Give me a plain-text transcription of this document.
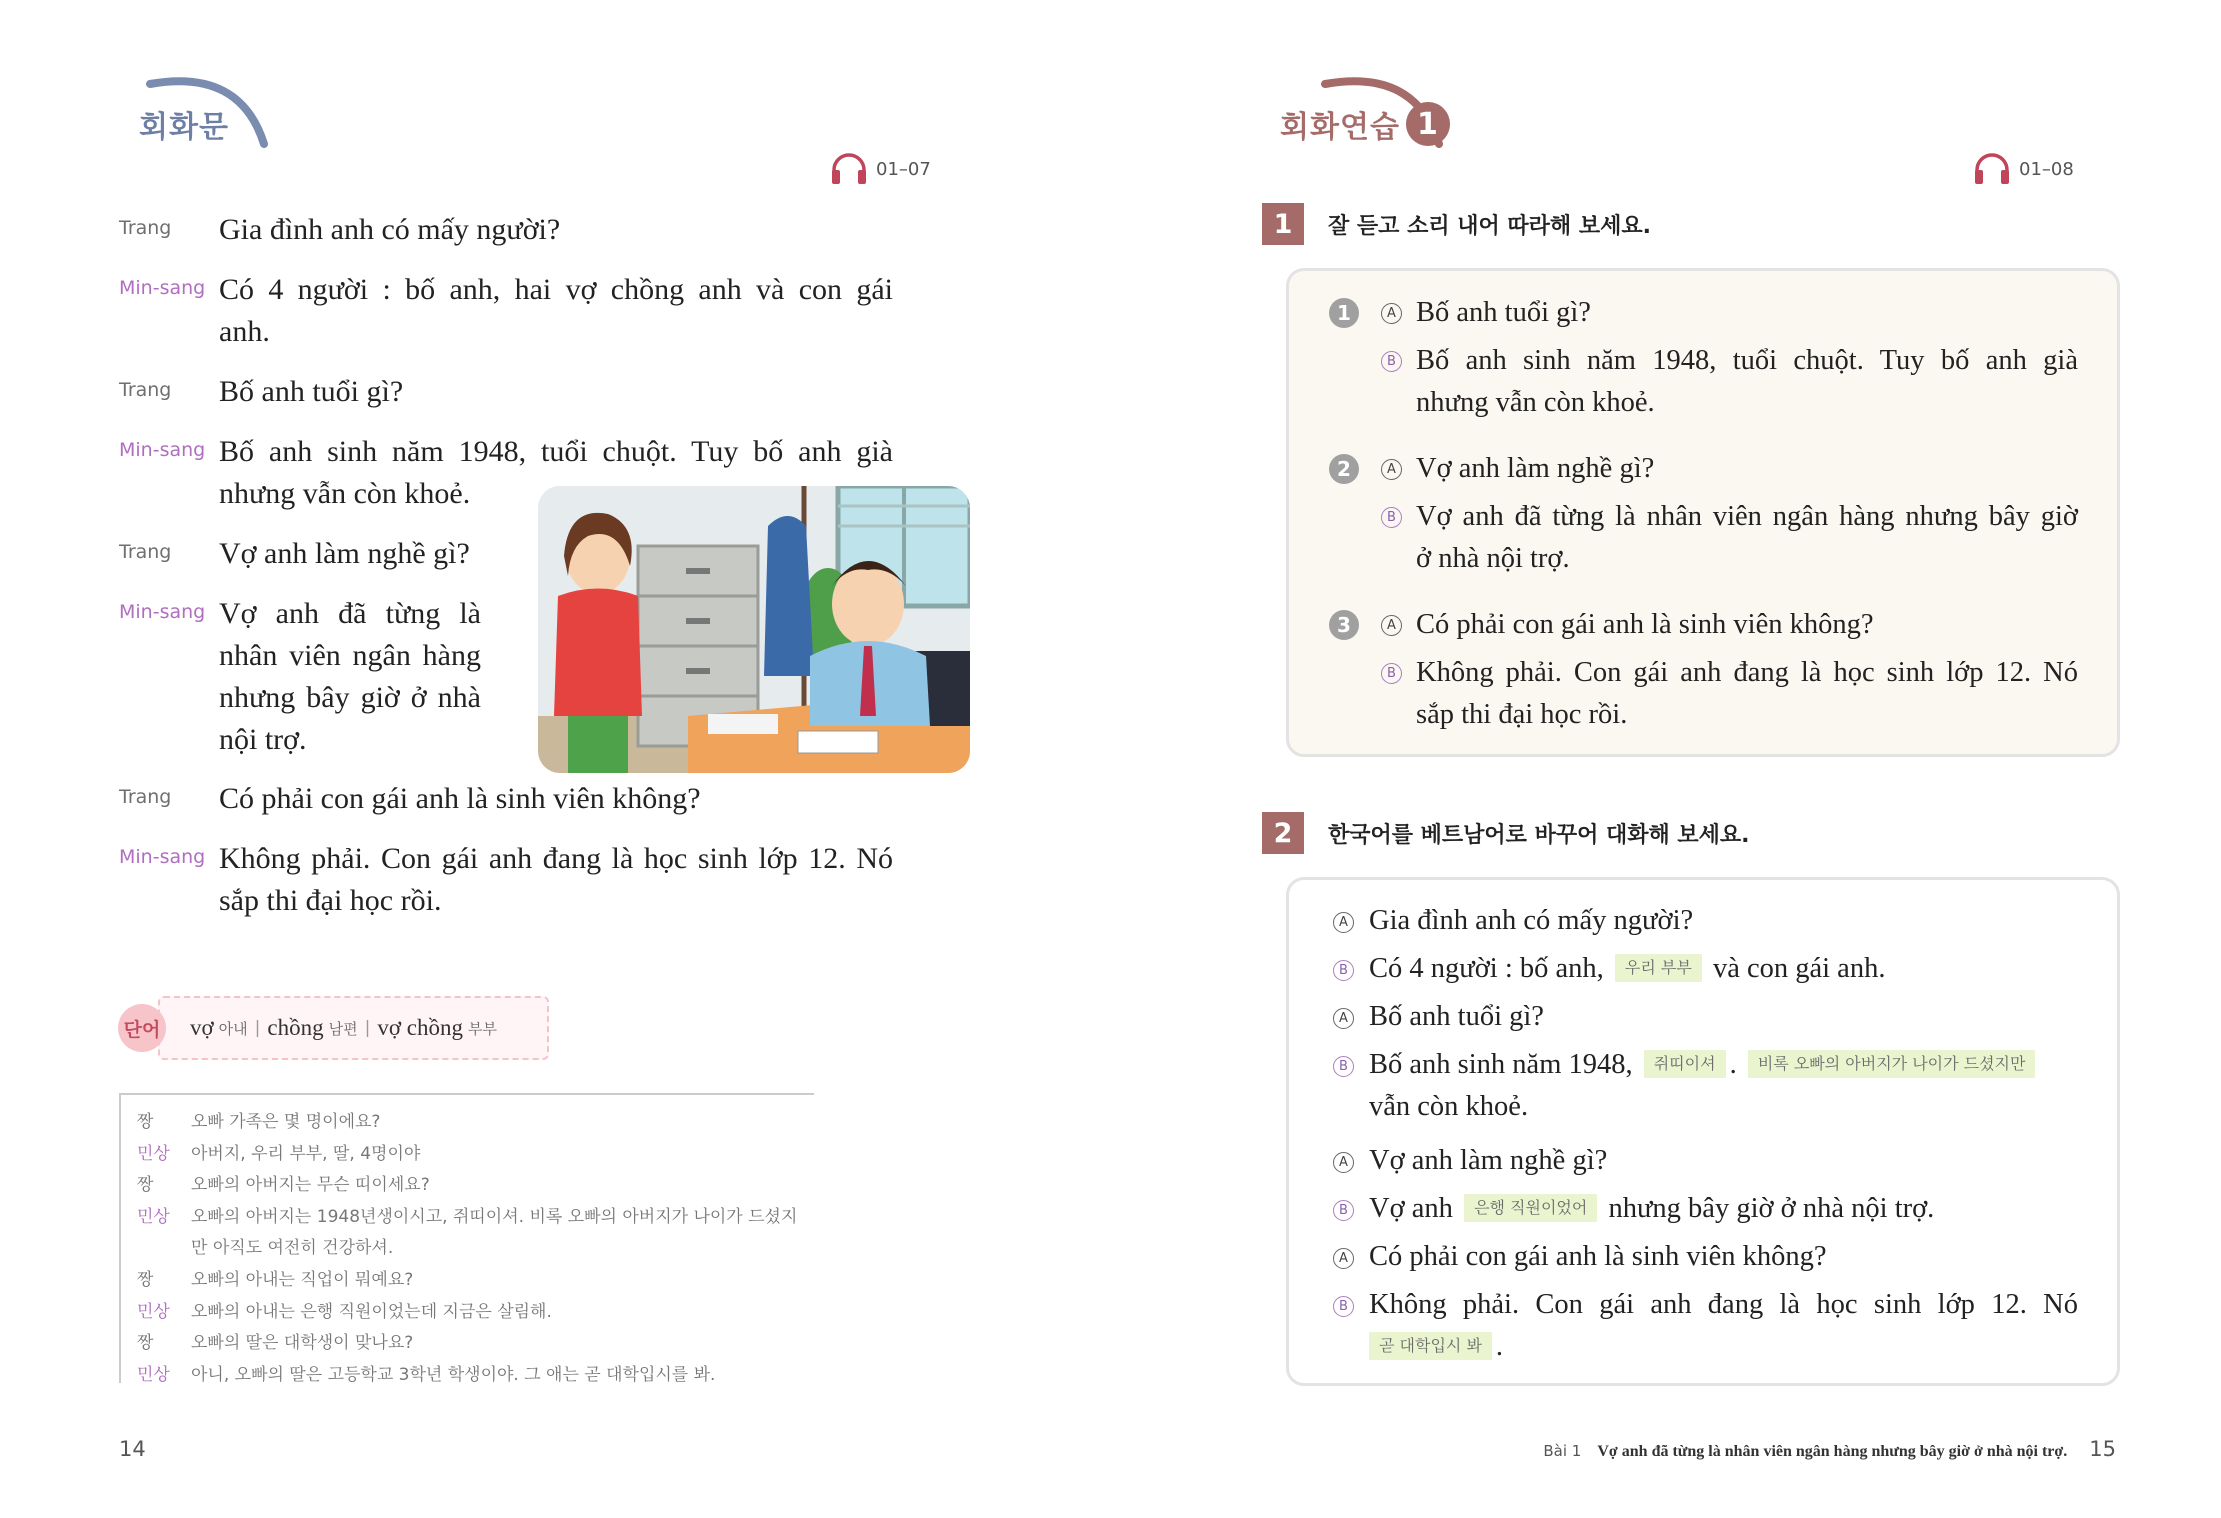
회화문
01–07
Trang	Gia đình anh có mấy người?
Min-sang Có 4 người : bố anh, hai vợ chồng anh và con gái
anh.
Trang	Bố anh tuổi gì?
Min-sang Bố anh sinh năm 1948, tuổi chuột. Tuy bố anh già
nhưng vẫn còn khoẻ.
Trang	Vợ anh làm nghề gì?
Min-sang Vợ anh đã từng là
nhân viên ngân hàng
nhưng bây giờ ở nhà
nội trợ.
Trang	Có phải con gái anh là sinh viên không?
Min-sang Không phải. Con gái anh đang là học sinh lớp 12. Nó
sắp thi đại học rồi.
단어 vợ 아내 | chồng 남편 | vợ chồng 부부
짱	오빠 가족은 몇 명이에요?
민상	아버지, 우리 부부, 딸, 4명이야
짱	오빠의 아버지는 무슨 띠이세요?
민상	오빠의 아버지는 1948년생이시고, 쥐띠이셔. 비록 오빠의 아버지가 나이가 드셨지
만 아직도 여전히 건강하셔.
짱	오빠의 아내는 직업이 뭐예요?
민상	오빠의 아내는 은행 직원이었는데 지금은 살림해.
짱	오빠의 딸은 대학생이 맞나요?
민상	아니, 오빠의 딸은 고등학교 3학년 학생이야. 그 애는 곧 대학입시를 봐.
14
회화연습 1
01–08
1	잘 듣고 소리 내어 따라해 보세요.
1	A Bố anh tuổi gì?
B Bố anh sinh năm 1948, tuổi chuột. Tuy bố anh già
nhưng vẫn còn khoẻ.
2	A Vợ anh làm nghề gì?
B Vợ anh đã từng là nhân viên ngân hàng nhưng bây giờ
ở nhà nội trợ.
3	A Có phải con gái anh là sinh viên không?
B Không phải. Con gái anh đang là học sinh lớp 12. Nó
sắp thi đại học rồi.
2	한국어를 베트남어로 바꾸어 대화해 보세요.
A Gia đình anh có mấy người?
B Có 4 người : bố anh, 우리 부부 và con gái anh.
A Bố anh tuổi gì?
B Bố anh sinh năm 1948, 쥐띠이셔 . 비록 오빠의 아버지가 나이가 드셨지만
vẫn còn khoẻ.
A Vợ anh làm nghề gì?
B Vợ anh 은행 직원이었어 nhưng bây giờ ở nhà nội trợ.
A Có phải con gái anh là sinh viên không?
B Không phải. Con gái anh đang là học sinh lớp 12. Nó
곧 대학입시 봐 .
Bài 1 Vợ anh đã từng là nhân viên ngân hàng nhưng bây giờ ở nhà nội trợ. 15
